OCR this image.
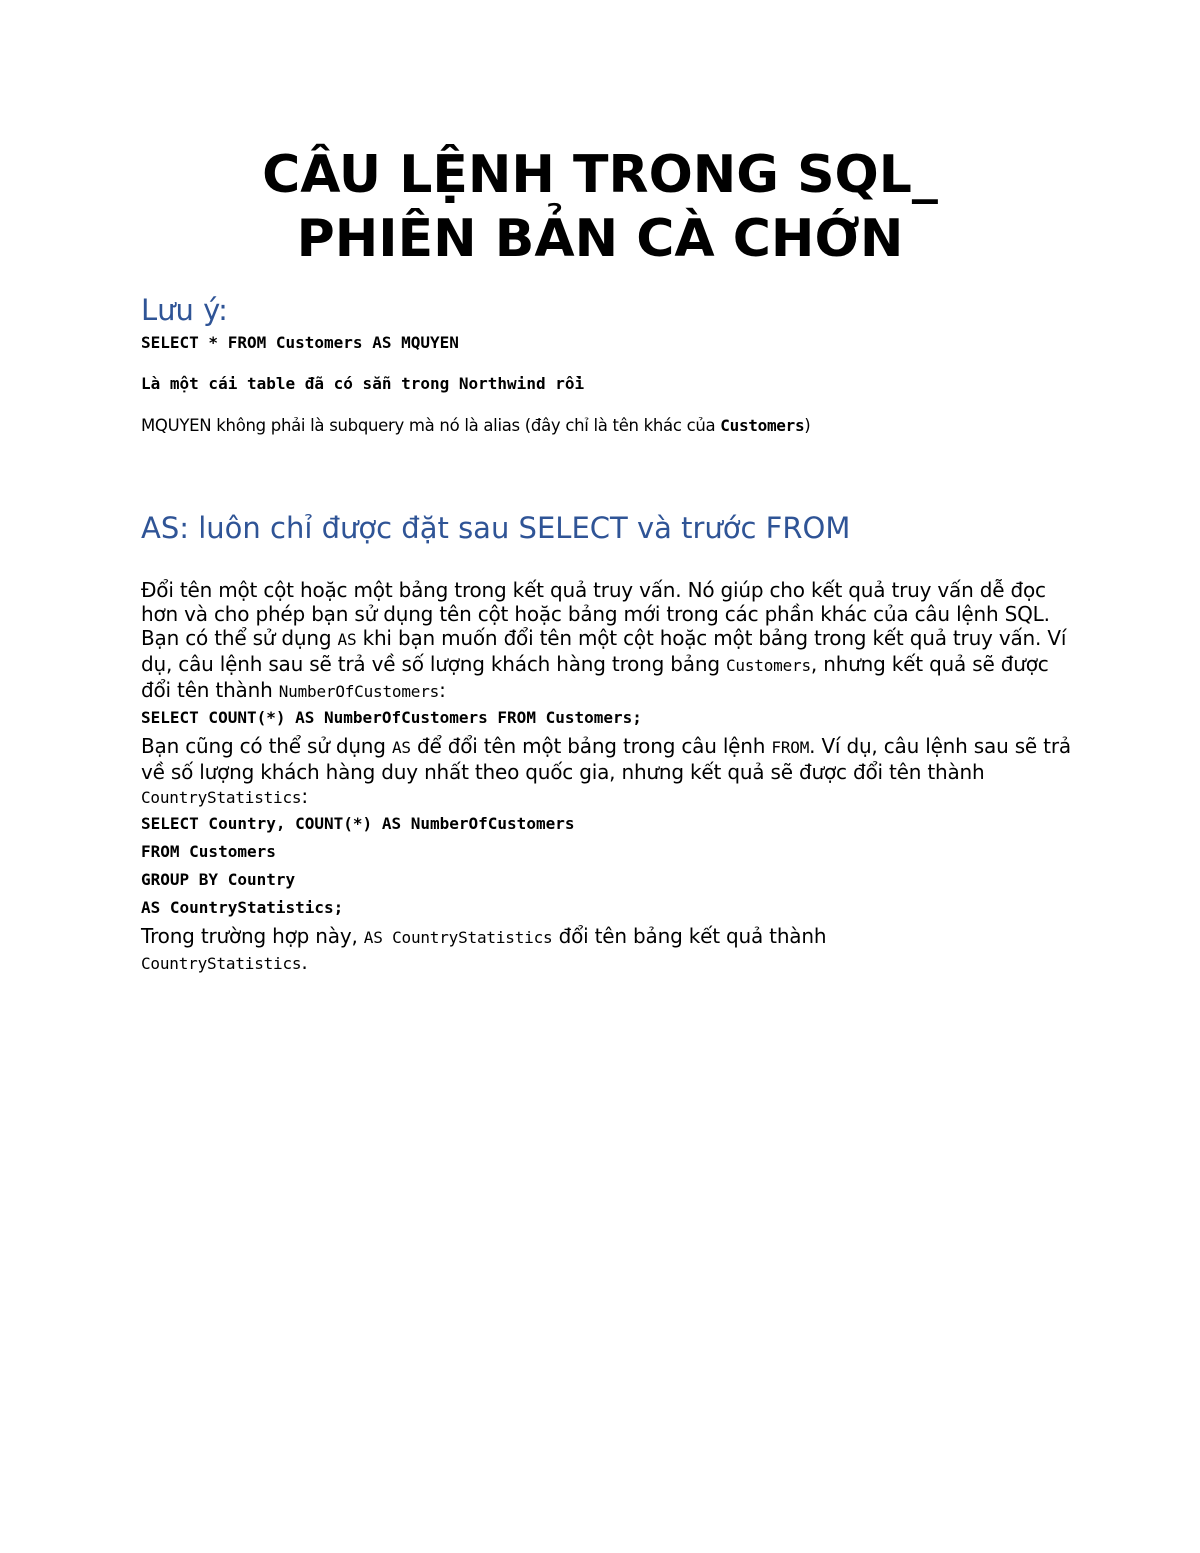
CÂU LỆNH TRONG SQL_
PHIÊN BẢN CÀ CHỚN

Lưu ý:

SELECT * FROM Customers AS MQUYEN

Là một cái table đã có sẵn trong Northwind rồi

MQUYEN không phải là subquery mà nó là alias (đây chỉ là tên khác của Customers)

AS: luôn chỉ được đặt sau SELECT và trước FROM

Đổi tên một cột hoặc một bảng trong kết quả truy vấn. Nó giúp cho kết quả truy vấn dễ đọc hơn và cho phép bạn sử dụng tên cột hoặc bảng mới trong các phần khác của câu lệnh SQL.

Bạn có thể sử dụng AS khi bạn muốn đổi tên một cột hoặc một bảng trong kết quả truy vấn. Ví dụ, câu lệnh sau sẽ trả về số lượng khách hàng trong bảng Customers, nhưng kết quả sẽ được đổi tên thành NumberOfCustomers:

SELECT COUNT(*) AS NumberOfCustomers FROM Customers;

Bạn cũng có thể sử dụng AS để đổi tên một bảng trong câu lệnh FROM. Ví dụ, câu lệnh sau sẽ trả về số lượng khách hàng duy nhất theo quốc gia, nhưng kết quả sẽ được đổi tên thành CountryStatistics:

SELECT Country, COUNT(*) AS NumberOfCustomers

FROM Customers

GROUP BY Country

AS CountryStatistics;

Trong trường hợp này, AS CountryStatistics đổi tên bảng kết quả thành CountryStatistics.
